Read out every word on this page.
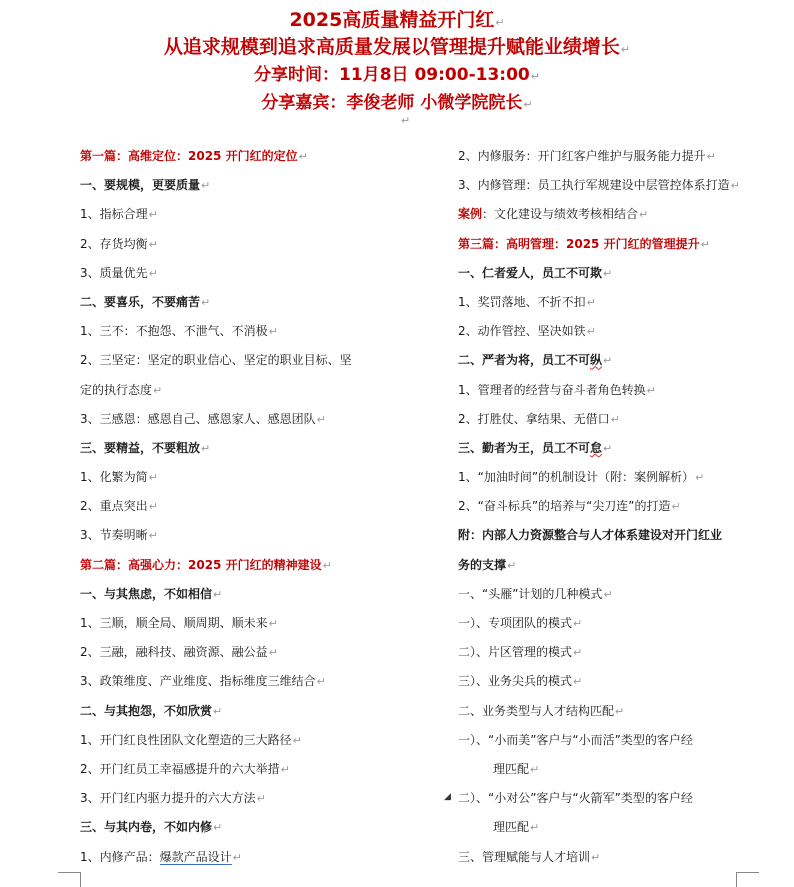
2025高质量精益开门红↵
从追求规模到追求高质量发展以管理提升赋能业绩增长↵
分享时间：11月8日 09:00-13:00↵
分享嘉宾：李俊老师 小微学院院长↵
↵
第一篇：高维定位：2025 开门红的定位↵
一、要规模，更要质量↵
1、指标合理↵
2、存货均衡↵
3、质量优先↵
二、要喜乐，不要痛苦↵
1、三不：不抱怨、不泄气、不消极↵
2、三坚定：坚定的职业信心、坚定的职业目标、坚
定的执行态度↵
3、三感恩：感恩自己、感恩家人、感恩团队↵
三、要精益，不要粗放↵
1、化繁为简↵
2、重点突出↵
3、节奏明晰↵
第二篇：高强心力：2025 开门红的精神建设↵
一、与其焦虑，不如相信↵
1、三顺，顺全局、顺周期、顺未来↵
2、三融，融科技、融资源、融公益↵
3、政策维度、产业维度、指标维度三维结合↵
二、与其抱怨，不如欣赏↵
1、开门红良性团队文化塑造的三大路径↵
2、开门红员工幸福感提升的六大举措↵
3、开门红内驱力提升的六大方法↵
三、与其内卷，不如内修↵
1、内修产品：爆款产品设计↵
2、内修服务：开门红客户维护与服务能力提升↵
3、内修管理：员工执行军规建设中层管控体系打造↵
案例：文化建设与绩效考核相结合↵
第三篇：高明管理：2025 开门红的管理提升↵
一、仁者爱人，员工不可欺↵
1、奖罚落地、不折不扣↵
2、动作管控、坚决如铁↵
二、严者为将，员工不可纵↵
1、管理者的经营与奋斗者角色转换↵
2、打胜仗、拿结果、无借口↵
三、勤者为王，员工不可怠↵
1、“加油时间”的机制设计（附：案例解析）↵
2、“奋斗标兵”的培养与“尖刀连”的打造↵
附：内部人力资源整合与人才体系建设对开门红业
务的支撑↵
一、“头雁”计划的几种模式↵
一）、专项团队的模式↵
二）、片区管理的模式↵
三）、业务尖兵的模式↵
二、业务类型与人才结构匹配↵
一）、“小而美”客户与“小而活”类型的客户经
理匹配↵
二）、“小对公”客户与“火箭军”类型的客户经
理匹配↵
三、管理赋能与人才培训↵
◢
